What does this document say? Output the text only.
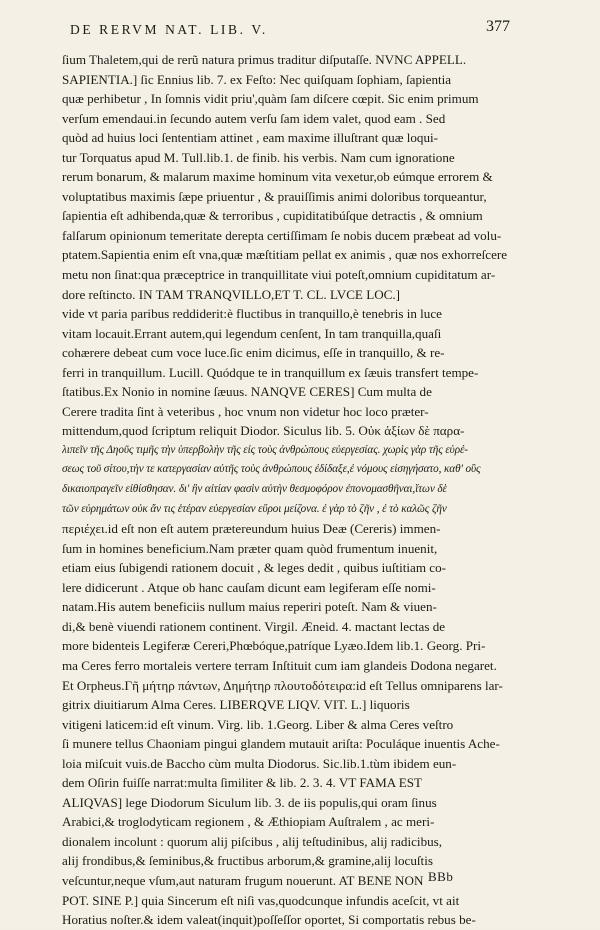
DE RERVM NAT. LIB. V.	377
ſium Thaletem,qui de rerũ natura primus traditur diſputaſſe. NVNC APPELL.
SAPIENTIA.] ſic Ennius lib. 7. ex Feſto: Nec quiſquam ſophiam, ſapientia
quæ perhibetur , In ſomnis vidit priu',quàm ſam diſcere cœpit. Sic enim primum
verſum emendaui.in ſecundo autem verſu ſam idem valet, quod eam . Sed
quòd ad huius loci ſententiam attinet , eam maxime illuſtrant quæ loqui-
tur Torquatus apud M. Tull.lib.1. de finib. his verbis. Nam cum ignoratione
rerum bonarum, & malarum maxime hominum vita vexetur,ob eúmque errorem &
voluptatibus maximis ſæpe priuentur , & prauiſſimis animi doloribus torqueantur,
ſapientia eſt adhibenda,quæ & terroribus , cupiditatibúſque detractis , & omnium
falſarum opinionum temeritate derepta certiſſimam ſe nobis ducem præbeat ad volu-
ptatem.Sapientia enim eſt vna,quæ mæſtitiam pellat ex animis , quæ nos exhorreſcere
metu non ſinat:qua præceptrice in tranquillitate viui poteſt,omnium cupiditatum ar-
dore reſtincto. IN TAM TRANQVILLO,ET T. CL. LVCE LOC.]
vide vt paria paribus reddiderit:è fluctibus in tranquillo,è tenebris in luce
vitam locauit.Errant autem,qui legendum cenſent, In tam tranquilla,quaſi
cohærere debeat cum voce luce.ſic enim dicimus, eſſe in tranquillo, & re-
ferri in tranquillum. Lucill. Quódque te in tranquillum ex ſæuis transfert tempe-
ſtatibus.Ex Nonio in nomine ſæuus. NANQVE CERES] Cum multa de
Cerere tradita ſint à veteribus , hoc vnum non videtur hoc loco præter-
mittendum,quod ſcriptum reliquit Diodor. Siculus lib. 5. Οὐκ ἀξίων δὲ παρα-
λιπεῖν τῆς Δηοῦς τιμῆς τὴν ὑπερβολὴν τῆς εἰς τοὺς ἀνθρώπους εὐεργεσίας. χωρὶς γὰρ τῆς εὑρέ-
σεως τοῦ σίτου,τὴν τε κατεργασίαν αὐτῆς τοὺς ἀνθρώπους ἐδίδαξε,ἐ νόμους εἰσηγήσατο, καθ' οὓς
δικαιοπραγεῖν εἰθίσθησαν. δι' ἣν αἰτίαν φασὶν αὐτὴν θεσμοφόρον ἐπονομασθῆναι,ἵτων δὲ
τῶν εὐρημάτων οὐκ ἄν τις ἑτέραν εὐεργεσίαν εὕροι μείζονα. ἐ γὰρ τὸ ζῆν , ἐ τὸ καλῶς ζῆν
περιέχει.id eſt non eſt autem prætereundum huius Deæ (Cereris) immen-
ſum in homines beneficium.Nam præter quam quòd frumentum inuenit,
etiam eius ſubigendi rationem docuit , & leges dedit , quibus iuſtitiam co-
lere didicerunt . Atque ob hanc cauſam dicunt eam legiferam eſſe nomi-
natam.His autem beneficiis nullum maius reperiri poteſt. Nam & viuen-
di,& benè viuendi rationem continent. Virgil. Æneid. 4. mactant lectas de
more bidenteis Legiferæ Cereri,Phœbóque,patríque Lyæo.Idem lib.1. Georg. Pri-
ma Ceres ferro mortaleis vertere terram Inſtituit cum iam glandeis Dodona negaret.
Et Orpheus.Γῆ μήτηρ πάντων, Δημήτηρ πλουτοδότειρα:id eſt Tellus omniparens lar-
gitrix diuitiarum Alma Ceres. LIBERQVE LIQV. VIT. L.] liquoris
vitigeni laticem:id eſt vinum. Virg. lib. 1.Georg. Liber & alma Ceres veſtro
ſi munere tellus Chaoniam pingui glandem mutauit ariſta: Poculáque inuentis Ache-
loia miſcuit vuis.de Baccho cùm multa Diodorus. Sic.lib.1.tùm ibidem eun-
dem Oſirin fuiſſe narrat:multa ſimiliter & lib. 2. 3. 4. VT FAMA EST
ALIQVAS] lege Diodorum Siculum lib. 3. de iis populis,qui oram ſinus
Arabici,& troglodyticam regionem , & Æthiopiam Auſtralem , ac meri-
dionalem incolunt : quorum alij piſcibus , alij teſtudinibus, alij radicibus,
alij frondibus,& ſeminibus,& fructibus arborum,& gramine,alij locuſtis
veſcuntur,neque vſum,aut naturam frugum nouerunt. AT BENE NON
POT. SINE P.] quia Sincerum eſt niſi vas,quodcunque infundis aceſcit, vt ait
Horatius noſter.& idem valeat(inquit)poſſeſſor oportet, Si comportatis rebus be-
BBb
